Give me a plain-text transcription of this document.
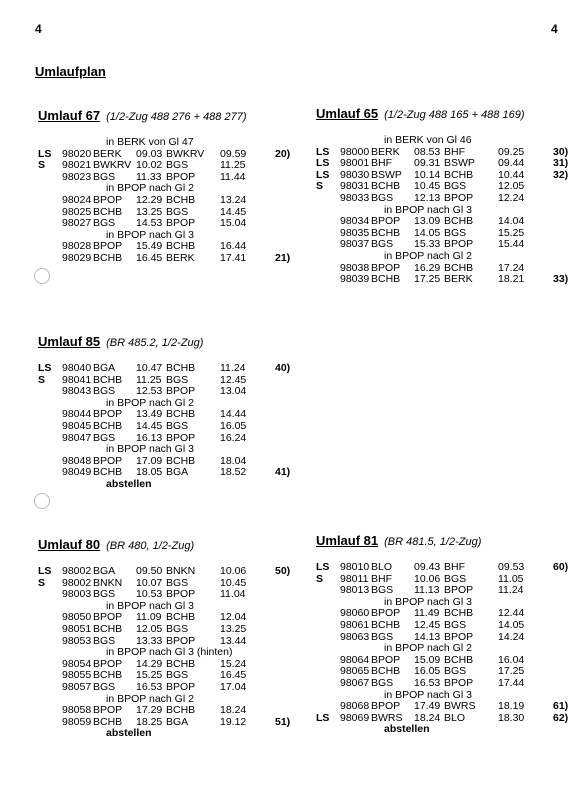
4	4
Umlaufplan
Umlauf 67 (1/2-Zug 488 276 + 488 277)
in BERK von Gl 47
LS 98020 BERK 09.03 BWKRV 09.59	20)
S 98021 BWKRV 10.02 BGS	11.25
98023 BGS 11.33 BPOP 11.44
in BPOP nach Gl 2
98024 BPOP 12.29 BCHB 13.24
98025 BCHB 13.25 BGS	14.45
98027 BGS 14.53 BPOP 15.04
in BPOP nach Gl 3
98028 BPOP 15.49 BCHB 16.44
98029 BCHB 16.45 BERK 17.41	21)
Umlauf 65 (1/2-Zug 488 165 + 488 169)
in BERK von Gl 46
LS 98000 BERK 08.53 BHF	09.25	30)
LS 98001 BHF 09.31 BSWP 09.44	31)
LS 98030 BSWP 10.14 BCHB 10.44	32)
S 98031 BCHB 10.45 BGS	12.05
98033 BGS 12.13 BPOP 12.24
in BPOP nach Gl 3
98034 BPOP 13.09 BCHB 14.04
98035 BCHB 14.05 BGS	15.25
98037 BGS 15.33 BPOP 15.44
in BPOP nach Gl 2
98038 BPOP 16.29 BCHB 17.24
98039 BCHB 17.25 BERK 18.21	33)
Umlauf 85 (BR 485.2, 1/2-Zug)
LS 98040 BGA 10.47 BCHB 11.24	40)
S 98041 BCHB 11.25 BGS	12.45
98043 BGS 12.53 BPOP 13.04
in BPOP nach Gl 2
98044 BPOP 13.49 BCHB 14.44
98045 BCHB 14.45 BGS	16.05
98047 BGS 16.13 BPOP 16.24
in BPOP nach Gl 3
98048 BPOP 17.09 BCHB 18.04
98049 BCHB 18.05 BGA	18.52	41)
abstellen
Umlauf 80 (BR 480, 1/2-Zug)
LS 98002 BGA 09.50 BNKN 10.06	50)
S 98002 BNKN 10.07 BGS	10.45
98003 BGS 10.53 BPOP 11.04
in BPOP nach Gl 3
98050 BPOP 11.09 BCHB 12.04
98051 BCHB 12.05 BGS	13.25
98053 BGS 13.33 BPOP 13.44
in BPOP nach Gl 3 (hinten)
98054 BPOP 14.29 BCHB 15.24
98055 BCHB 15.25 BGS	16.45
98057 BGS 16.53 BPOP 17.04
in BPOP nach Gl 2
98058 BPOP 17.29 BCHB 18.24
98059 BCHB 18.25 BGA	19.12	51)
abstellen
Umlauf 81 (BR 481.5, 1/2-Zug)
LS 98010 BLO 09.43 BHF	09.53	60)
S 98011 BHF 10.06 BGS	11.05
98013 BGS 11.13 BPOP 11.24
in BPOP nach Gl 3
98060 BPOP 11.49 BCHB 12.44
98061 BCHB 12.45 BGS	14.05
98063 BGS 14.13 BPOP 14.24
in BPOP nach Gl 2
98064 BPOP 15.09 BCHB 16.04
98065 BCHB 16.05 BGS	17.25
98067 BGS 16.53 BPOP 17.44
in BPOP nach Gl 3
98068 BPOP 17.49 BWRS 18.19	61)
LS 98069 BWRS 18.24 BLO	18.30	62)
abstellen
